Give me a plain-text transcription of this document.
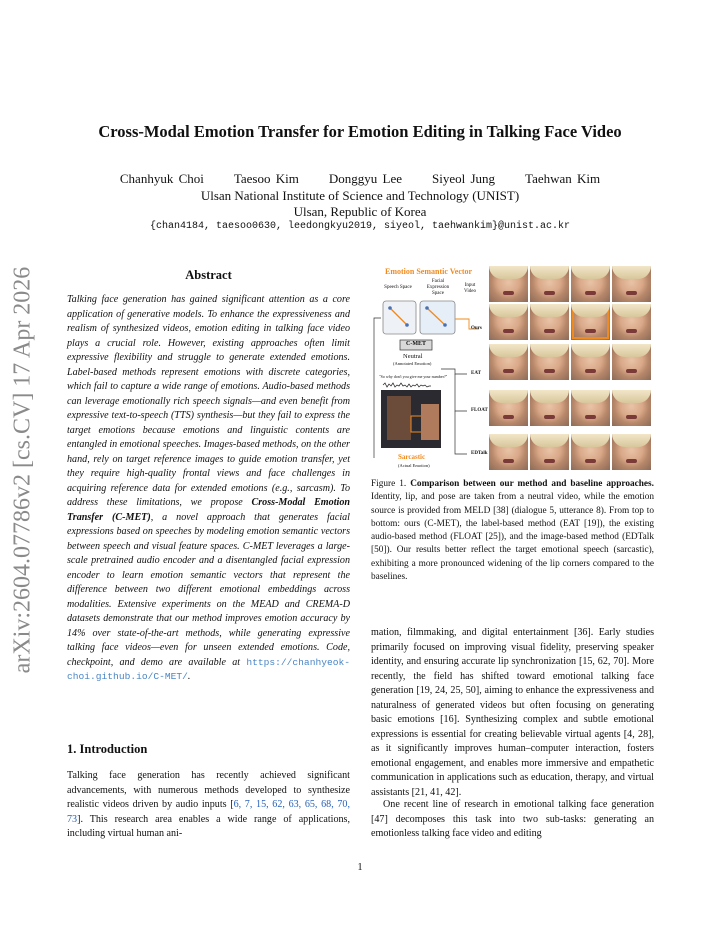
arXiv:2604.07786v2 [cs.CV] 17 Apr 2026
Cross-Modal Emotion Transfer for Emotion Editing in Talking Face Video
Chanhyuk Choi Taesoo Kim Donggyu Lee Siyeol Jung Taehwan Kim
Ulsan National Institute of Science and Technology (UNIST)
Ulsan, Republic of Korea
{chan4184, taesoo0630, leedongkyu2019, siyeol, taehwankim}@unist.ac.kr
Abstract
Talking face generation has gained significant attention as a core application of generative models. To enhance the expressiveness and realism of synthesized videos, emotion editing in talking face video plays a crucial role. However, existing approaches often limit expressive flexibility and struggle to generate extended emotions. Label-based methods represent emotions with discrete categories, which fail to capture a wide range of emotions. Audio-based methods can leverage emotionally rich speech signals—and even benefit from expressive text-to-speech (TTS) synthesis—but they fail to express the target emotions because emotions and linguistic contents are entangled in emotional speeches. Images-based methods, on the other hand, rely on target reference images to guide emotion transfer, yet they require high-quality frontal views and face challenges in acquiring reference data for extended emotions (e.g., sarcasm). To address these limitations, we propose Cross-Modal Emotion Transfer (C-MET), a novel approach that generates facial expressions based on speeches by modeling emotion semantic vectors between speech and visual feature spaces. C-MET leverages a large-scale pretrained audio encoder and a disentangled facial expression encoder to learn emotion semantic vectors that represent the difference between two different emotional embeddings across modalities. Extensive experiments on the MEAD and CREMA-D datasets demonstrate that our method improves emotion accuracy by 14% over state-of-the-art methods, while generating expressive talking face videos—even for unseen extended emotions. Code, checkpoint, and demo are available at https://chanhyeok-choi.github.io/C-MET/.
1. Introduction
Talking face generation has recently achieved significant advancements, with numerous methods developed to synthesize realistic videos driven by audio inputs [6, 7, 15, 62, 63, 65, 68, 70, 73]. This research area enables a wide range of applications, including virtual human ani-
Emotion Semantic Vector
Speech Space
Facial Expression Space
Input Video
C-MET
Neutral
(Annotated Emotion)
"So why don't you give me your number?"
Sarcastic
(Actual Emotion)
Ours
EAT
FLOAT
EDTalk
Figure 1. Comparison between our method and baseline approaches. Identity, lip, and pose are taken from a neutral video, while the emotion source is provided from MELD [38] (dialogue 5, utterance 8). From top to bottom: ours (C-MET), the label-based method (EAT [19]), the existing audio-based method (FLOAT [25]), and the image-based method (EDTalk [50]). Our results better reflect the target emotional speech (sarcastic), exhibiting a more pronounced widening of the lip corners compared to the baselines.
mation, filmmaking, and digital entertainment [36]. Early studies primarily focused on improving visual fidelity, preserving speaker identity, and ensuring accurate lip synchronization [15, 62, 70]. More recently, the field has shifted toward emotional talking face generation [19, 24, 25, 50], aiming to enhance the expressiveness and naturalness of generated videos but often focusing on generating basic emotions [16]. Synthesizing complex and subtle emotional expressions is essential for creating believable virtual agents [4, 28], as it significantly improves human–computer interaction, fosters emotional engagement, and enables more immersive and empathetic communication in applications such as education, therapy, and virtual assistants [21, 41, 42].
One recent line of research in emotional talking face generation [47] decomposes this task into two sub-tasks: generating an emotionless talking face video and editing
1
